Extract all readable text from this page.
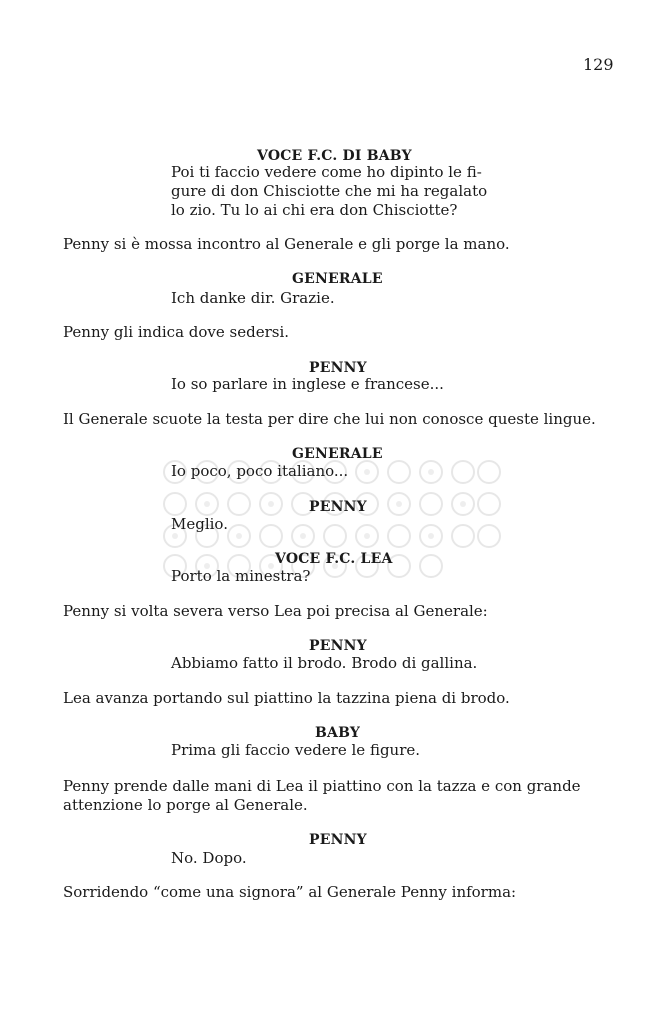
129
VOCE F.C. DI BABY
Poi ti faccio vedere come ho dipinto le fi-
gure di don Chisciotte che mi ha regalato
lo zio. Tu lo ai chi era don Chisciotte?
Penny si è mossa incontro al Generale e gli porge la mano.
GENERALE
Ich danke dir. Grazie.
Penny gli indica dove sedersi.
PENNY
Io so parlare in inglese e francese...
Il Generale scuote la testa per dire che lui non conosce queste lingue.
GENERALE
Io poco, poco italiano...
PENNY
Meglio.
VOCE F.C. LEA
Porto la minestra?
Penny si volta severa verso Lea poi precisa al Generale:
PENNY
Abbiamo fatto il brodo. Brodo di gallina.
Lea avanza portando sul piattino la tazzina piena di brodo.
BABY
Prima gli faccio vedere le figure.
Penny prende dalle mani di Lea il piattino con la tazza e con grande
attenzione lo porge al Generale.
PENNY
No. Dopo.
Sorridendo “come una signora” al Generale Penny informa:
